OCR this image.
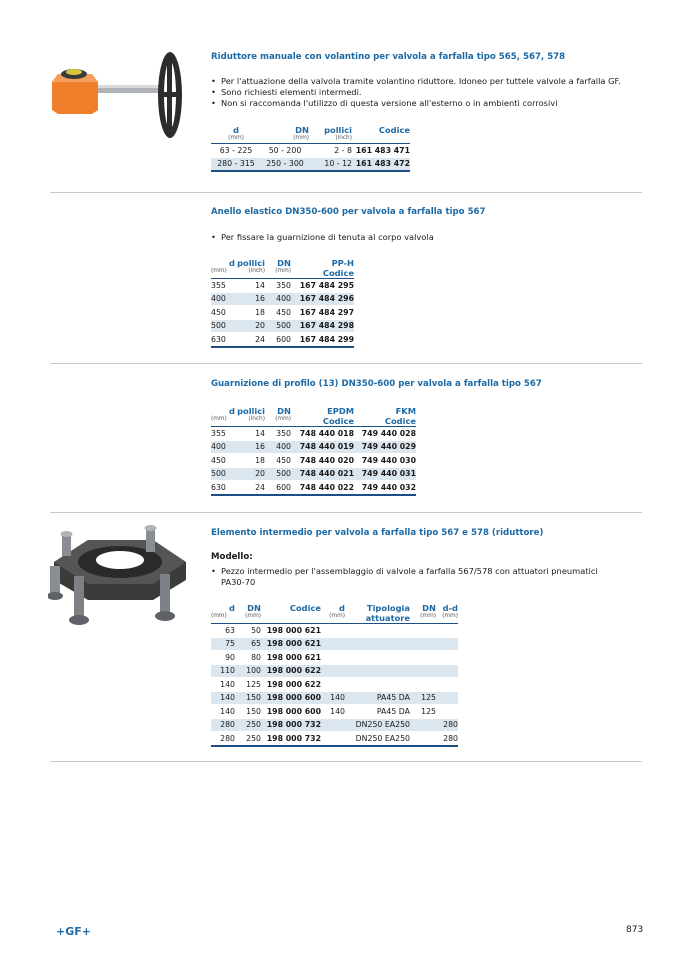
Riduttore manuale con volantino per valvola a farfalla tipo 565, 567, 578
• Per l'attuazione della valvola tramite volantino riduttore. Idoneo per tuttele valvole a farfalla GF.
• Sono richiesti elementi intermedi.
• Non si raccomanda l'utilizzo di questa versione all'esterno o in ambienti corrosivi
d	DN	pollici	Codice
(mm)	(mm)	(inch)	
63 - 225	50 - 200	2 - 8	161 483 471
280 - 315	250 - 300	10 - 12	161 483 472
Anello elastico DN350-600 per valvola a farfalla tipo 567
• Per fissare la guarnizione di tenuta al corpo valvola
d	pollici	DN	PP-H
(mm)	(inch)	(mm)	Codice
355	14	350	167 484 295
400	16	400	167 484 296
450	18	450	167 484 297
500	20	500	167 484 298
630	24	600	167 484 299
Guarnizione di profilo (13) DN350-600 per valvola a farfalla tipo 567
d	pollici	DN	EPDM	FKM
(mm)	(inch)	(mm)	Codice	Codice
355	14	350	748 440 018	749 440 028
400	16	400	748 440 019	749 440 029
450	18	450	748 440 020	749 440 030
500	20	500	748 440 021	749 440 031
630	24	600	748 440 022	749 440 032
Elemento intermedio per valvola a farfalla tipo 567 e 578 (riduttore)
Modello:
• Pezzo intermedio per l'assemblaggio di valvole a farfalla 567/578 con attuatori pneumatici
PA30-70
d	DN	Codice	d	Tipologia	DN	d-d
(mm)	(mm)		(mm)	attuatore	(mm)	(mm)
63	50	198 000 621				
75	65	198 000 621				
90	80	198 000 621				
110	100	198 000 622				
140	125	198 000 622				
140	150	198 000 600	140	PA45 DA	125	
140	150	198 000 600	140	PA45 DA	125	
280	250	198 000 732		DN250 EA250		280
280	250	198 000 732		DN250 EA250		280
+GF+	873
